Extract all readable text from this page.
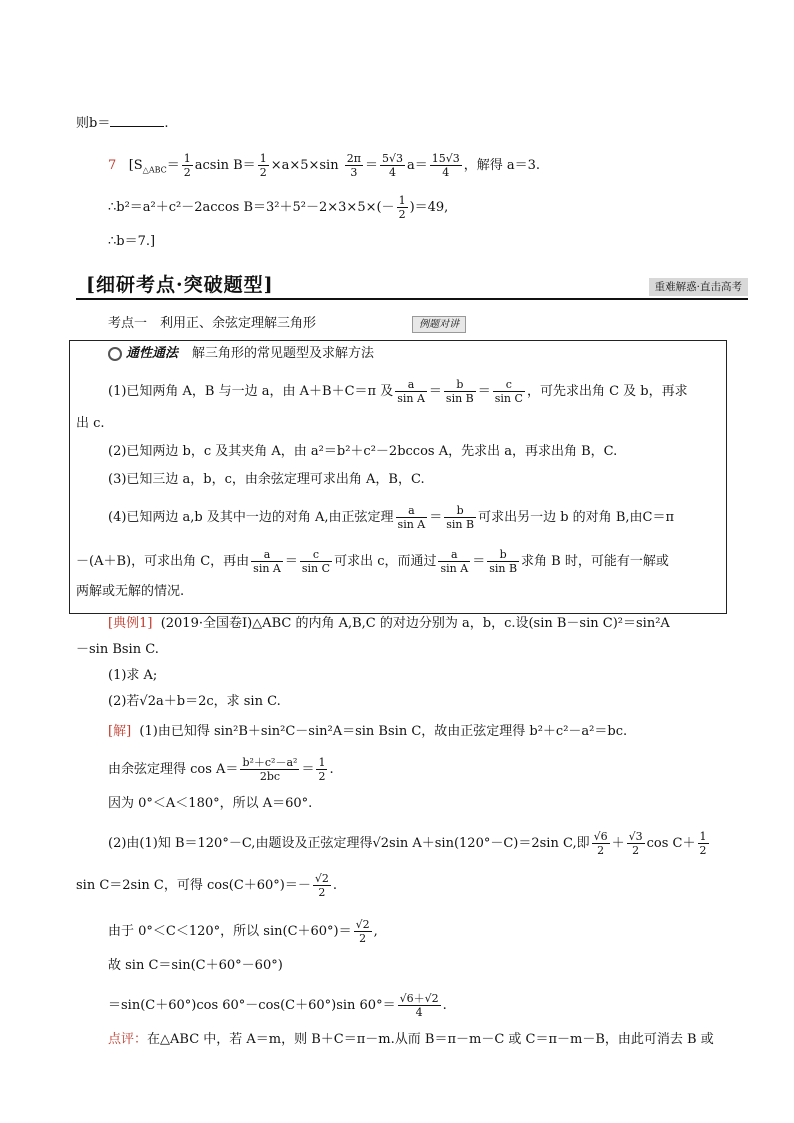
则b＝	.
7 [$S_{\triangle ABC}= \frac{1}{2}$ acsin $B= \frac{1}{2} \times a\times 5\times\sin \frac{2\pi}{3} = \frac{5√3}{4} a= \frac{15√3}{4}$ ，解得 a＝3.
∴b²＝a²＋c²－2accos $B=3^2+5^2-2\times 3\times 5\times(- \frac{1}{2} )=49$,
∴b＝7.]
[细研考点·突破题型]	重难解惑·直击高考
考点一　利用正、余弦定理解三角形	例题对讲
通性通法 解三角形的常见题型及求解方法
(1)已知两角 A，B 与一边 a，由 A＋B＋C＝π 及 $\frac{a}{\text{sin A}} = \frac{b}{\text{sin B}} = \frac{c}{\text{sin C}}$ ，可先求出角 C 及 b，再求
出 c.
(2)已知两边 b，c 及其夹角 A，由 a²＝b²＋c²－2bccos A，先求出 a，再求出角 B，C.
(3)已知三边 a，b，c，由余弦定理可求出角 A，B，C.
(4)已知两边 a,b 及其中一边的对角 A,由正弦定理 $\frac{a}{\text{sin A}} = \frac{b}{\text{sin B}}$ 可求出另一边 b 的对角 B,由C＝π
－(A＋B)，可求出角 C，再由 $\frac{a}{\text{sin A}} = \frac{c}{\text{sin C}}$ 可求出 c，而通过 $\frac{a}{\text{sin A}} = \frac{b}{\text{sin B}}$ 求角 B 时，可能有一解或
两解或无解的情况.
[典例1] (2019·全国卷Ⅰ)△ABC 的内角 A,B,C 的对边分别为 a，b，c.设(sin B－sin C)²＝sin²A
－sin Bsin C.
(1)求 A;
(2)若 √ 2a＋b＝2c，求 sin C.
[解] (1)由已知得 sin²B＋sin²C－sin²A＝sin Bsin C，故由正弦定理得 b²＋c²－a²＝bc.
由余弦定理得 $\cos A= \frac{\text{b²＋c²－a²}}{2bc} = \frac{1}{2}$ .
因为 0°＜A＜180°，所以 A＝60°.
(2)由(1)知 B＝120°－C,由题设及正弦定理得 √ 2sin A＋sin(120°－C)＝2sin C,即 $\frac{√6}{2} + \frac{√3}{2}$ $\cos C+ \frac{1}{2}$
sin C＝2sin C，可得 $\cos(C+60^\circ)=- \frac{√2}{2}$ .
由于 0°＜C＜120°，所以 $\sin(C+60^\circ)= \frac{√2}{2}$ ,
故 sin C＝sin(C＋60°－60°)
＝sin(C＋60°)cos 60°－cos(C＋60°)sin $60^\circ= \frac{√6+√2}{4}$ .
点评：在△ABC 中，若 A＝m，则 B＋C＝π－m.从而 B＝π－m－C 或 C＝π－m－B，由此可消去 B 或
